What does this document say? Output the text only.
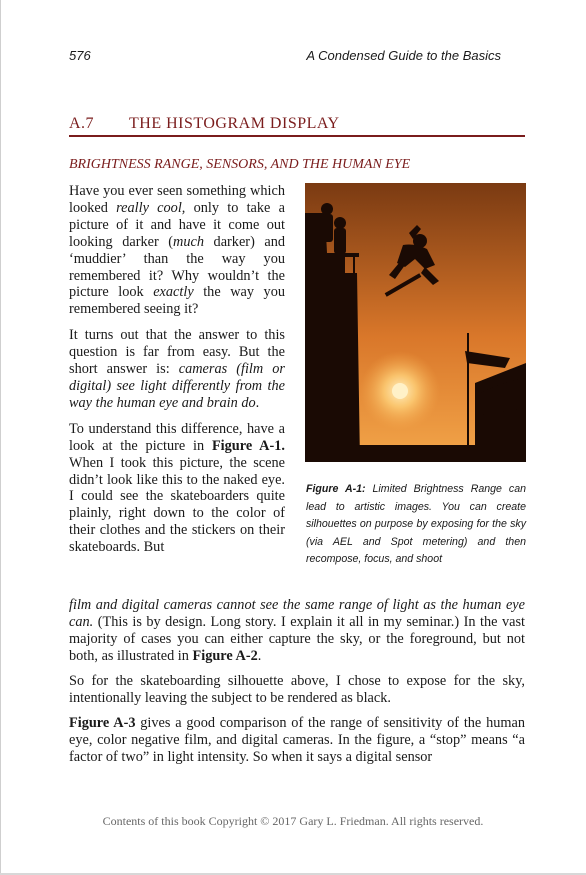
576	A Condensed Guide to the Basics
A.7 THE HISTOGRAM DISPLAY
BRIGHTNESS RANGE, SENSORS, AND THE HUMAN EYE

Have you ever seen something which looked really cool, only to take a picture of it and have it come out looking darker (much darker) and ‘muddier’ than the way you remembered it? Why wouldn’t the picture look exactly the way you remembered seeing it?

It turns out that the answer to this question is far from easy. But the short answer is: cameras (film or digital) see light differently from the way the human eye and brain do.

To understand this difference, have a look at the picture in Figure A-1. When I took this picture, the scene didn’t look like this to the naked eye. I could see the skateboarders quite plainly, right down to the color of their clothes and the stickers on their skateboards. But

Figure A-1: Limited Brightness Range can lead to artistic images. You can create silhouettes on purpose by exposing for the sky (via AEL and Spot metering) and then recompose, focus, and shoot

film and digital cameras cannot see the same range of light as the human eye can. (This is by design. Long story. I explain it all in my seminar.) In the vast majority of cases you can either capture the sky, or the foreground, but not both, as illustrated in Figure A-2.

So for the skateboarding silhouette above, I chose to expose for the sky, intentionally leaving the subject to be rendered as black.

Figure A-3 gives a good comparison of the range of sensitivity of the human eye, color negative film, and digital cameras. In the figure, a “stop” means “a factor of two” in light intensity. So when it says a digital sensor

Contents of this book Copyright © 2017 Gary L. Friedman. All rights reserved.
